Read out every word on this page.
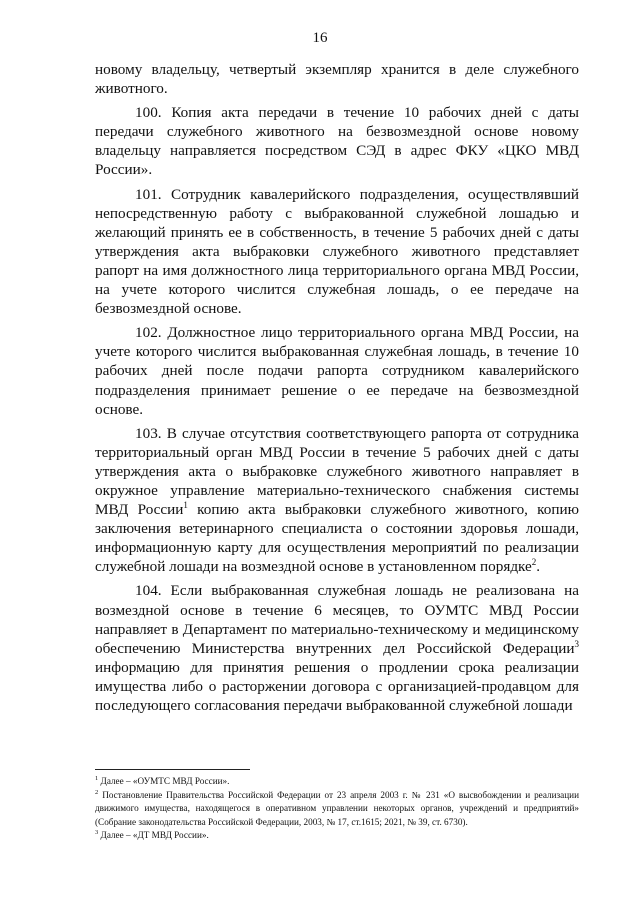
16

новому владельцу, четвертый экземпляр хранится в деле служебного животного.

100. Копия акта передачи в течение 10 рабочих дней с даты передачи служебного животного на безвозмездной основе новому владельцу направляется посредством СЭД в адрес ФКУ «ЦКО МВД России».

101. Сотрудник кавалерийского подразделения, осуществлявший непосредственную работу с выбракованной служебной лошадью и желающий принять ее в собственность, в течение 5 рабочих дней с даты утверждения акта выбраковки служебного животного представляет рапорт на имя должностного лица территориального органа МВД России, на учете которого числится служебная лошадь, о ее передаче на безвозмездной основе.

102. Должностное лицо территориального органа МВД России, на учете которого числится выбракованная служебная лошадь, в течение 10 рабочих дней после подачи рапорта сотрудником кавалерийского подразделения принимает решение о ее передаче на безвозмездной основе.

103. В случае отсутствия соответствующего рапорта от сотрудника территориальный орган МВД России в течение 5 рабочих дней с даты утверждения акта о выбраковке служебного животного направляет в окружное управление материально-технического снабжения системы МВД России$^1$ копию акта выбраковки служебного животного, копию заключения ветеринарного специалиста о состоянии здоровья лошади, информационную карту для осуществления мероприятий по реализации служебной лошади на возмездной основе в установленном порядке$^2$.

104. Если выбракованная служебная лошадь не реализована на возмездной основе в течение 6 месяцев, то ОУМТС МВД России направляет в Департамент по материально-техническому и медицинскому обеспечению Министерства внутренних дел Российской Федерации$^3$ информацию для принятия решения о продлении срока реализации имущества либо о расторжении договора с организацией-продавцом для последующего согласования передачи выбракованной служебной лошади

$^1$ Далее – «ОУМТС МВД России».

$^2$ Постановление Правительства Российской Федерации от 23 апреля 2003 г. № 231 «О высвобождении и реализации движимого имущества, находящегося в оперативном управлении некоторых органов, учреждений и предприятий» (Собрание законодательства Российской Федерации, 2003, № 17, ст.1615; 2021, № 39, ст. 6730).

$^3$ Далее – «ДТ МВД России».
